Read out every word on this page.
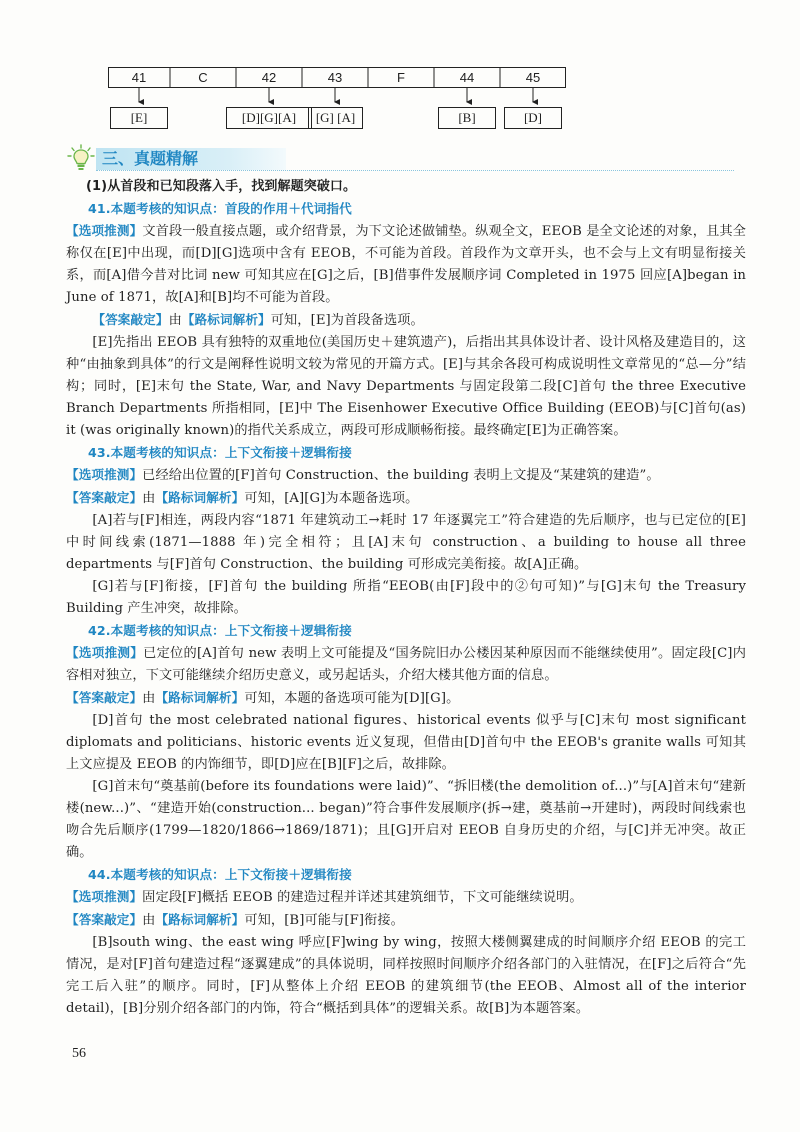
41	C	42	43	F	44	45
[E]	[D][G][A]	[G] [A]	[B]	[D]
三、真题精解

(1)从首段和已知段落入手，找到解题突破口。

41.本题考核的知识点：首段的作用＋代词指代

【选项推测】文首段一般直接点题，或介绍背景，为下文论述做铺垫。纵观全文，EEOB 是全文论述的对象，且其全称仅在[E]中出现，而[D][G]选项中含有 EEOB，不可能为首段。首段作为文章开头，也不会与上文有明显衔接关系，而[A]借今昔对比词 new 可知其应在[G]之后，[B]借事件发展顺序词 Completed in 1975 回应[A]began in June of 1871，故[A]和[B]均不可能为首段。

【答案敲定】由【路标词解析】可知，[E]为首段备选项。

[E]先指出 EEOB 具有独特的双重地位(美国历史＋建筑遗产)，后指出其具体设计者、设计风格及建造目的，这种“由抽象到具体”的行文是阐释性说明文较为常见的开篇方式。[E]与其余各段可构成说明性文章常见的“总—分”结构；同时，[E]末句 the State, War, and Navy Departments 与固定段第二段[C]首句 the three Executive Branch Departments 所指相同，[E]中 The Eisenhower Executive Office Building (EEOB)与[C]首句(as) it (was originally known)的指代关系成立，两段可形成顺畅衔接。最终确定[E]为正确答案。

43.本题考核的知识点：上下文衔接＋逻辑衔接

【选项推测】已经给出位置的[F]首句 Construction、the building 表明上文提及“某建筑的建造”。

【答案敲定】由【路标词解析】可知，[A][G]为本题备选项。

[A]若与[F]相连，两段内容“1871 年建筑动工→耗时 17 年逐翼完工”符合建造的先后顺序，也与已定位的[E]中时间线索(1871—1888 年)完全相符；且[A]末句 construction、a building to house all three departments 与[F]首句 Construction、the building 可形成完美衔接。故[A]正确。

[G]若与[F]衔接，[F]首句 the building 所指“EEOB(由[F]段中的②句可知)”与[G]末句 the Treasury Building 产生冲突，故排除。

42.本题考核的知识点：上下文衔接＋逻辑衔接

【选项推测】已定位的[A]首句 new 表明上文可能提及“国务院旧办公楼因某种原因而不能继续使用”。固定段[C]内容相对独立，下文可能继续介绍历史意义，或另起话头，介绍大楼其他方面的信息。

【答案敲定】由【路标词解析】可知，本题的备选项可能为[D][G]。

[D]首句 the most celebrated national figures、historical events 似乎与[C]末句 most significant diplomats and politicians、historic events 近义复现，但借由[D]首句中 the EEOB's granite walls 可知其上文应提及 EEOB 的内饰细节，即[D]应在[B][F]之后，故排除。

[G]首末句“奠基前(before its foundations were laid)”、“拆旧楼(the demolition of...)”与[A]首末句“建新楼(new...)”、“建造开始(construction... began)”符合事件发展顺序(拆→建，奠基前→开建时)，两段时间线索也吻合先后顺序(1799—1820/1866→1869/1871)；且[G]开启对 EEOB 自身历史的介绍，与[C]并无冲突。故正确。

44.本题考核的知识点：上下文衔接＋逻辑衔接

【选项推测】固定段[F]概括 EEOB 的建造过程并详述其建筑细节，下文可能继续说明。

【答案敲定】由【路标词解析】可知，[B]可能与[F]衔接。

[B]south wing、the east wing 呼应[F]wing by wing，按照大楼侧翼建成的时间顺序介绍 EEOB 的完工情况，是对[F]首句建造过程“逐翼建成”的具体说明，同样按照时间顺序介绍各部门的入驻情况，在[F]之后符合“先完工后入驻”的顺序。同时，[F]从整体上介绍 EEOB 的建筑细节(the EEOB、Almost all of the interior detail)，[B]分别介绍各部门的内饰，符合“概括到具体”的逻辑关系。故[B]为本题答案。

56
